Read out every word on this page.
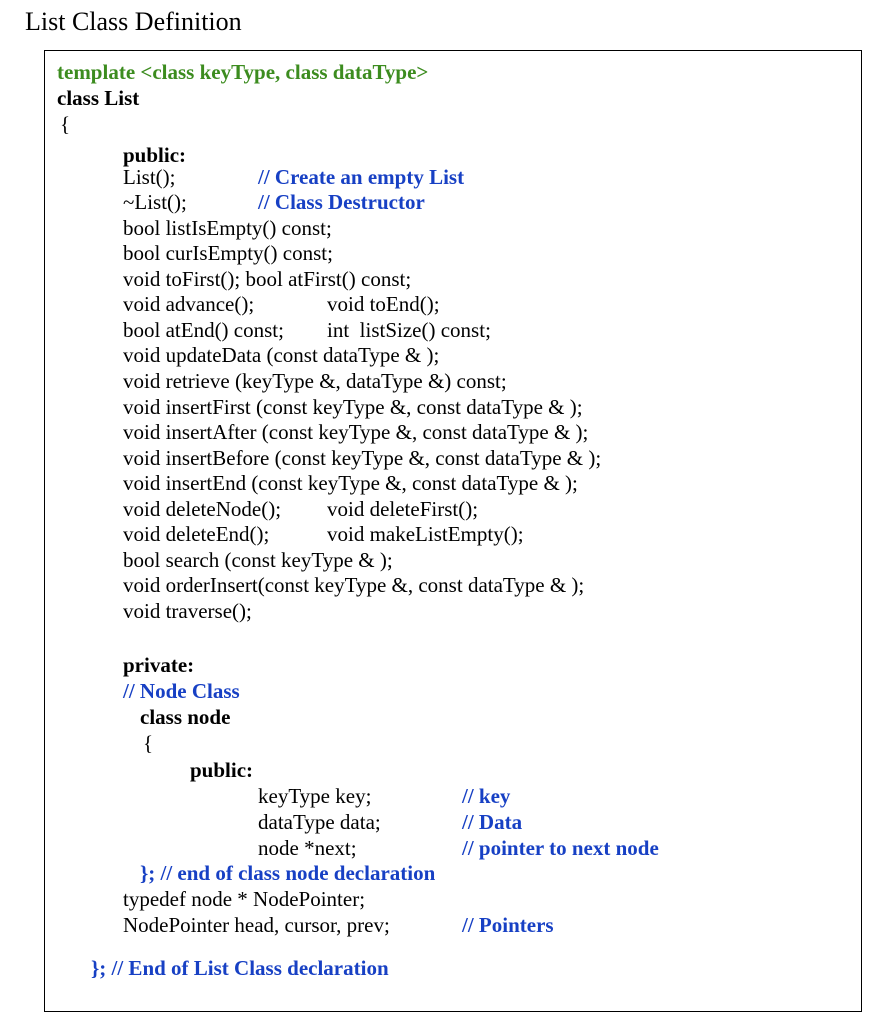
List Class Definition
template <class keyType, class dataType>
class List
{
public:
List();	// Create an empty List
~List();	// Class Destructor
bool listIsEmpty() const;
bool curIsEmpty() const;
void toFirst(); bool atFirst() const;
void advance();	void toEnd();
bool atEnd() const; int  listSize() const;
void updateData (const dataType & );
void retrieve (keyType &, dataType &) const;
void insertFirst (const keyType &, const dataType & );
void insertAfter (const keyType &, const dataType & );
void insertBefore (const keyType &, const dataType & );
void insertEnd (const keyType &, const dataType & );
void deleteNode(); void deleteFirst();
void deleteEnd();	void makeListEmpty();
bool search (const keyType & );
void orderInsert(const keyType &, const dataType & );
void traverse();
private:
// Node Class
class node
{
public:
keyType key;	// key
dataType data;	// Data
node *next;	// pointer to next node
}; // end of class node declaration
typedef node * NodePointer;
NodePointer head, cursor, prev;	// Pointers
}; // End of List Class declaration
